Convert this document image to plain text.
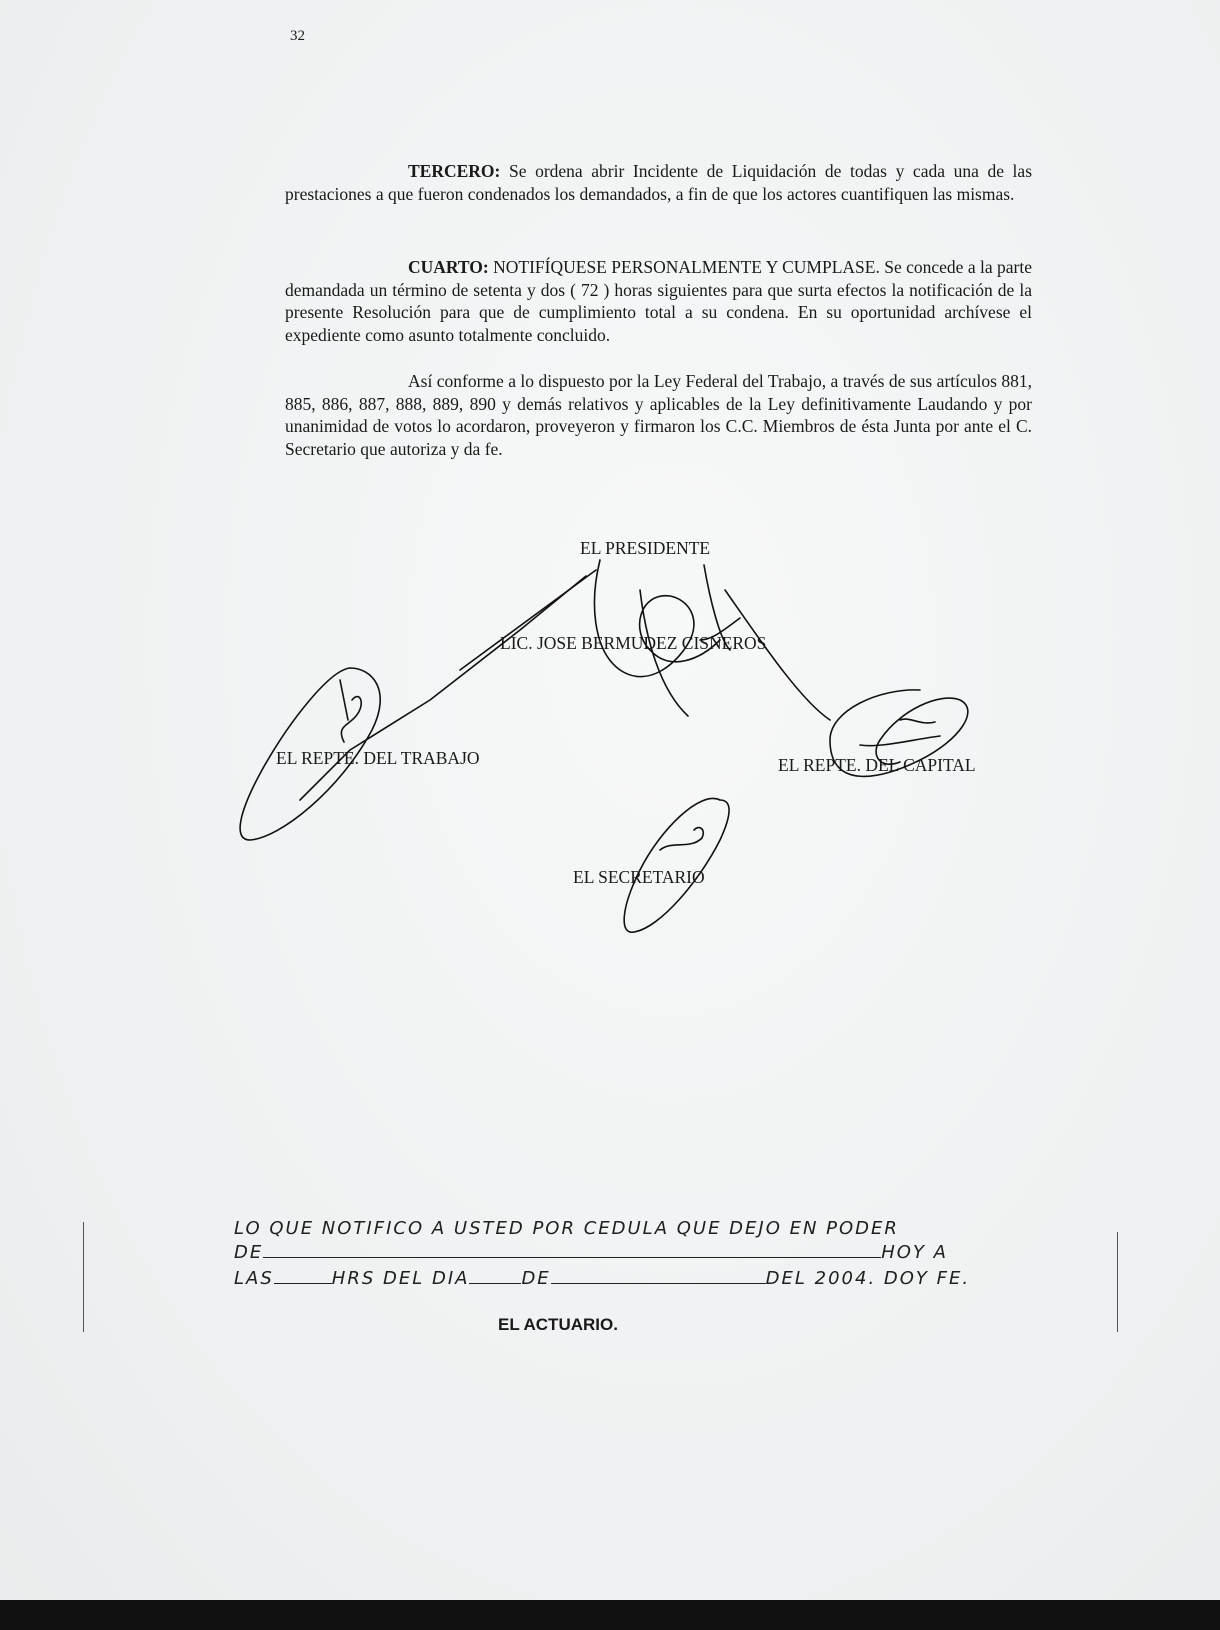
32

TERCERO: Se ordena abrir Incidente de Liquidación de todas y cada una de las prestaciones a que fueron condenados los demandados, a fin de que los actores cuantifiquen las mismas.

CUARTO: NOTIFÍQUESE PERSONALMENTE Y CUMPLASE. Se concede a la parte demandada un término de setenta y dos ( 72 ) horas siguientes para que surta efectos la notificación de la presente Resolución para que de cumplimiento total a su condena. En su oportunidad archívese el expediente como asunto totalmente concluido.

Así conforme a lo dispuesto por la Ley Federal del Trabajo, a través de sus artículos 881, 885, 886, 887, 888, 889, 890 y demás relativos y aplicables de la Ley definitivamente Laudando y por unanimidad de votos lo acordaron, proveyeron y firmaron los C.C. Miembros de ésta Junta por ante el C. Secretario que autoriza y da fe.

EL PRESIDENTE
LIC. JOSE BERMUDEZ CISNEROS
EL REPTE. DEL TRABAJO	EL REPTE. DEL CAPITAL
EL SECRETARIO
LO QUE NOTIFICO A USTED POR CEDULA QUE DEJO EN PODER
DE	HOY A
LAS	HRS DEL DIA	DE	DEL 2004. DOY FE.
EL ACTUARIO.
